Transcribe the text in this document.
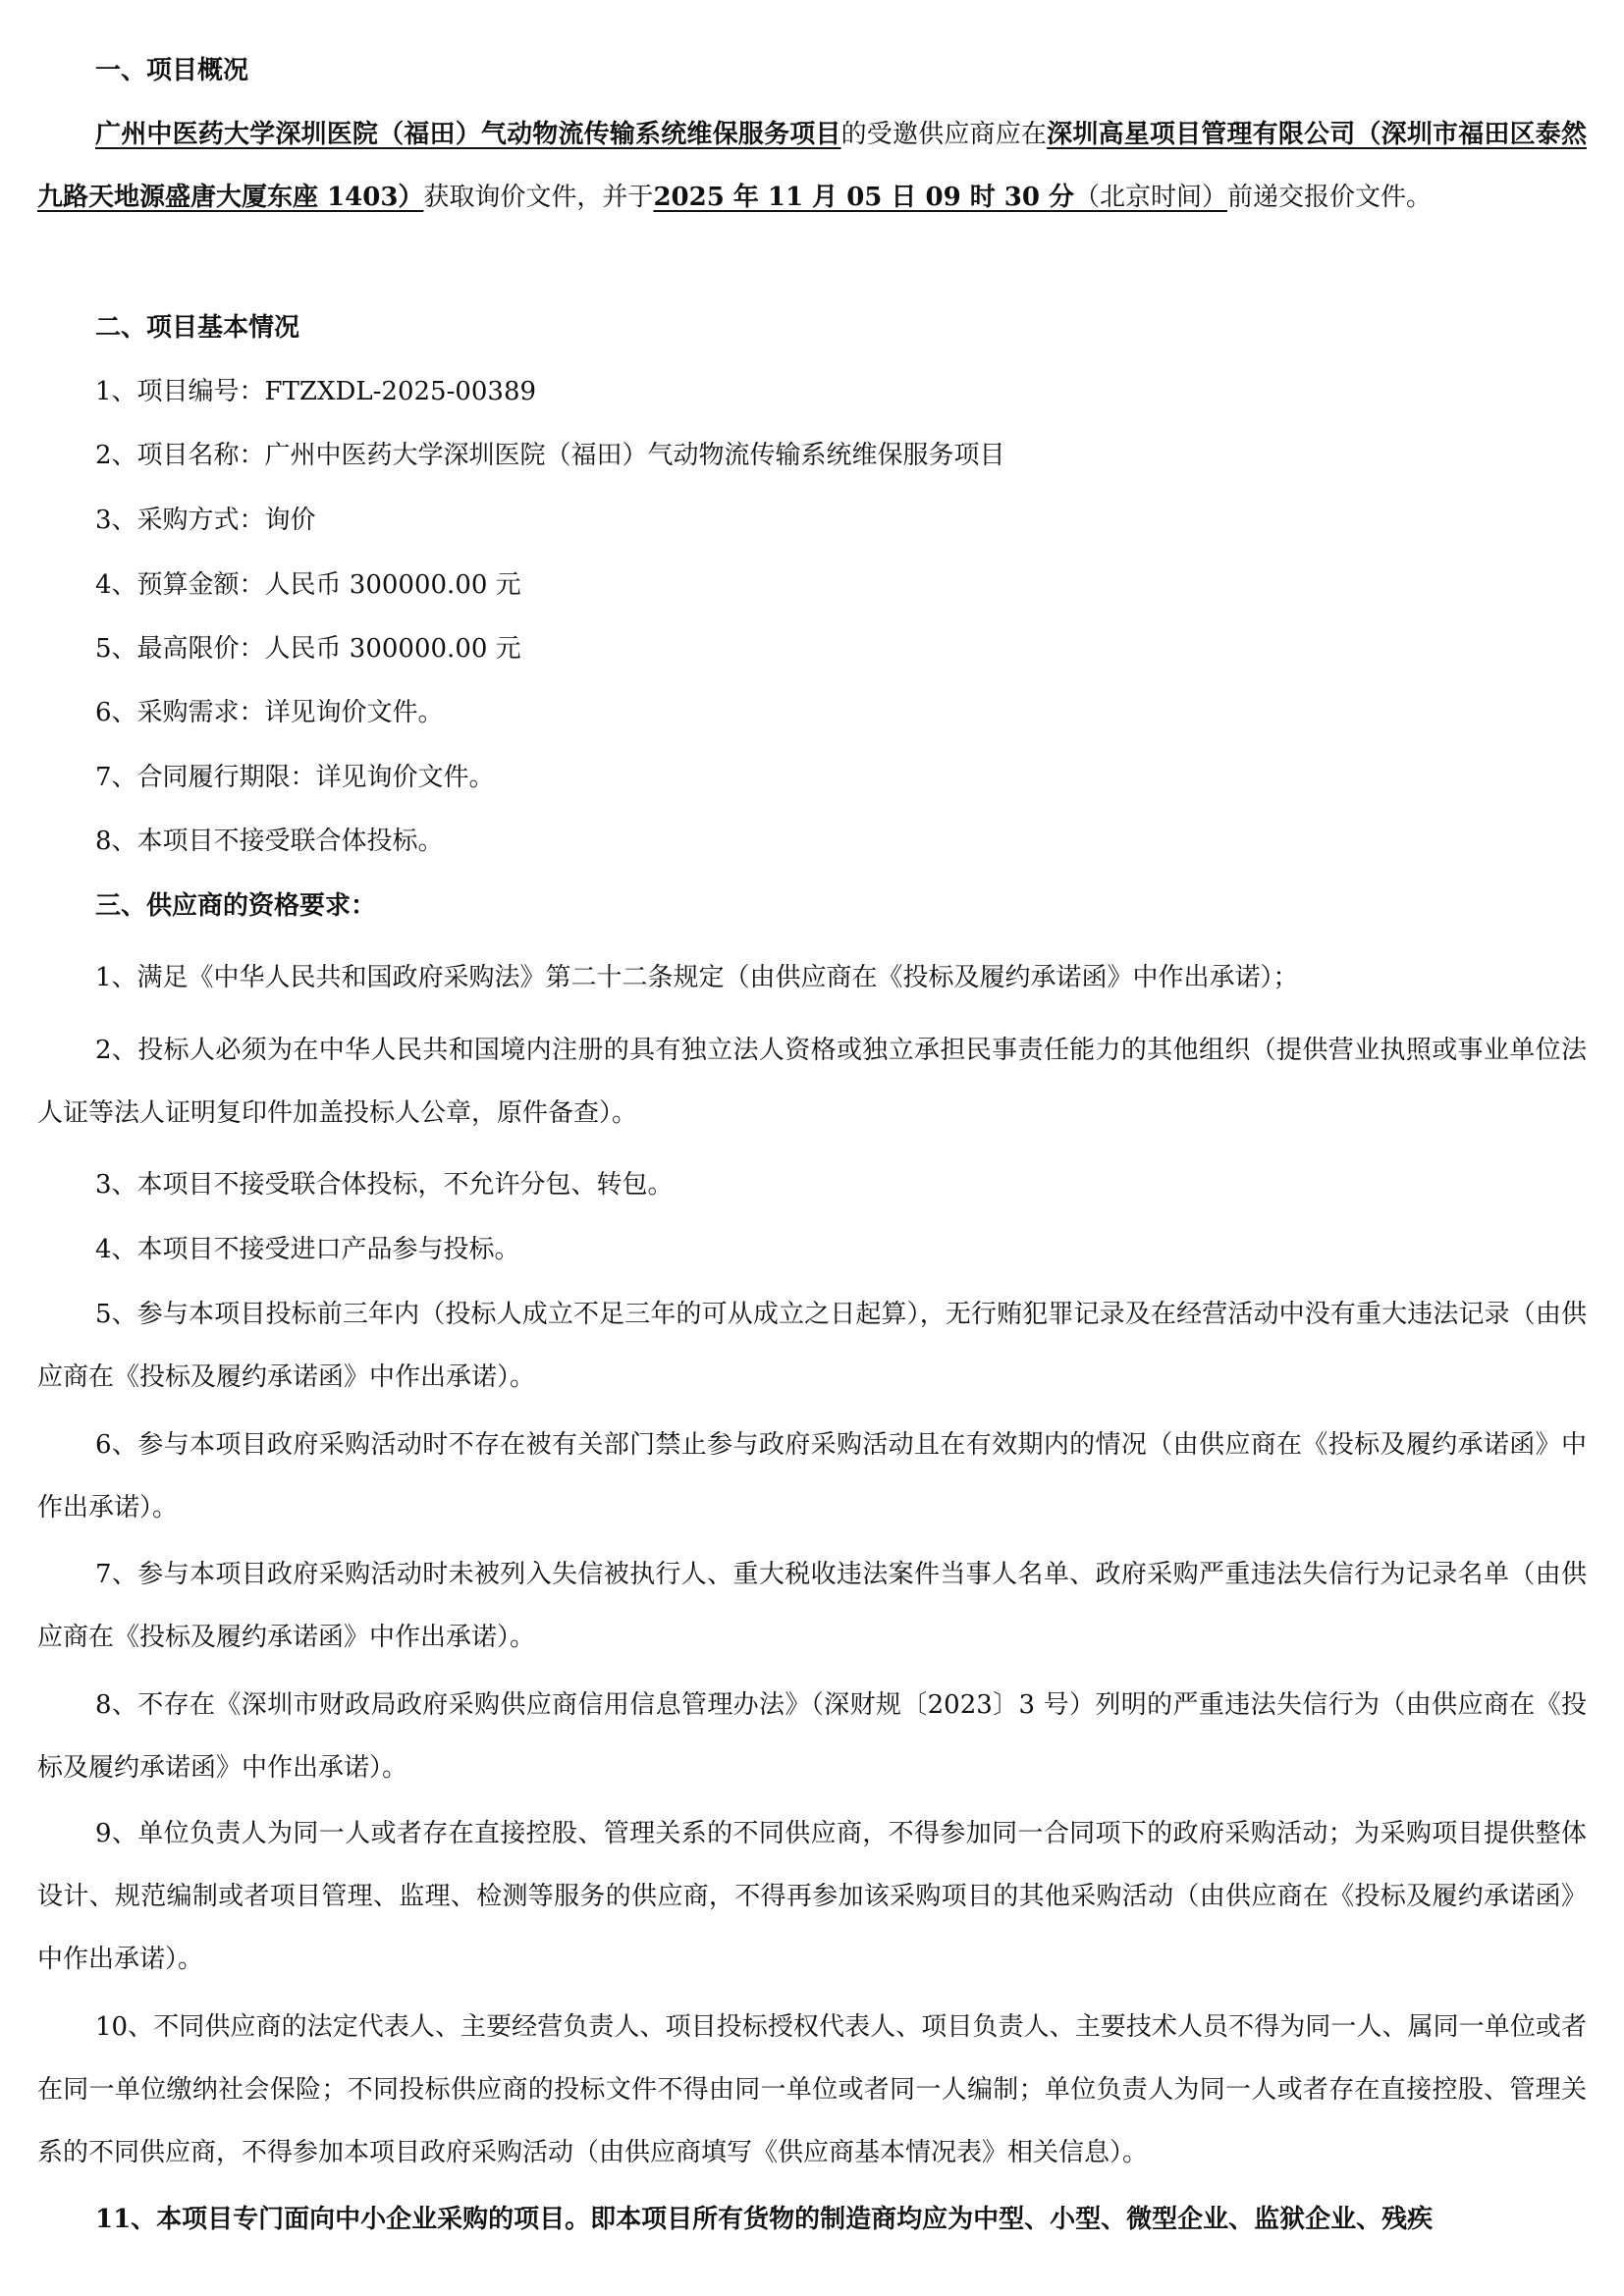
一、项目概况

广州中医药大学深圳医院（福田）气动物流传输系统维保服务项目的受邀供应商应在深圳高星项目管理有限公司（深圳市福田区泰然九路天地源盛唐大厦东座 1403）获取询价文件，并于2025 年 11 月 05 日 09 时 30 分（北京时间）前递交报价文件。

二、项目基本情况

1、项目编号：FTZXDL-2025-00389

2、项目名称：广州中医药大学深圳医院（福田）气动物流传输系统维保服务项目

3、采购方式：询价

4、预算金额：人民币 300000.00 元

5、最高限价：人民币 300000.00 元

6、采购需求：详见询价文件。

7、合同履行期限：详见询价文件。

8、本项目不接受联合体投标。

三、供应商的资格要求：

1、满足《中华人民共和国政府采购法》第二十二条规定（由供应商在《投标及履约承诺函》中作出承诺）；

2、投标人必须为在中华人民共和国境内注册的具有独立法人资格或独立承担民事责任能力的其他组织（提供营业执照或事业单位法人证等法人证明复印件加盖投标人公章，原件备查）。

3、本项目不接受联合体投标，不允许分包、转包。

4、本项目不接受进口产品参与投标。

5、参与本项目投标前三年内（投标人成立不足三年的可从成立之日起算），无行贿犯罪记录及在经营活动中没有重大违法记录（由供应商在《投标及履约承诺函》中作出承诺）。

6、参与本项目政府采购活动时不存在被有关部门禁止参与政府采购活动且在有效期内的情况（由供应商在《投标及履约承诺函》中作出承诺）。

7、参与本项目政府采购活动时未被列入失信被执行人、重大税收违法案件当事人名单、政府采购严重违法失信行为记录名单（由供应商在《投标及履约承诺函》中作出承诺）。

8、不存在《深圳市财政局政府采购供应商信用信息管理办法》（深财规〔2023〕3 号）列明的严重违法失信行为（由供应商在《投标及履约承诺函》中作出承诺）。

9、单位负责人为同一人或者存在直接控股、管理关系的不同供应商，不得参加同一合同项下的政府采购活动；为采购项目提供整体设计、规范编制或者项目管理、监理、检测等服务的供应商，不得再参加该采购项目的其他采购活动（由供应商在《投标及履约承诺函》中作出承诺）。

10、不同供应商的法定代表人、主要经营负责人、项目投标授权代表人、项目负责人、主要技术人员不得为同一人、属同一单位或者在同一单位缴纳社会保险；不同投标供应商的投标文件不得由同一单位或者同一人编制；单位负责人为同一人或者存在直接控股、管理关系的不同供应商，不得参加本项目政府采购活动（由供应商填写《供应商基本情况表》相关信息）。

11、本项目专门面向中小企业采购的项目。即本项目所有货物的制造商均应为中型、小型、微型企业、监狱企业、残疾
